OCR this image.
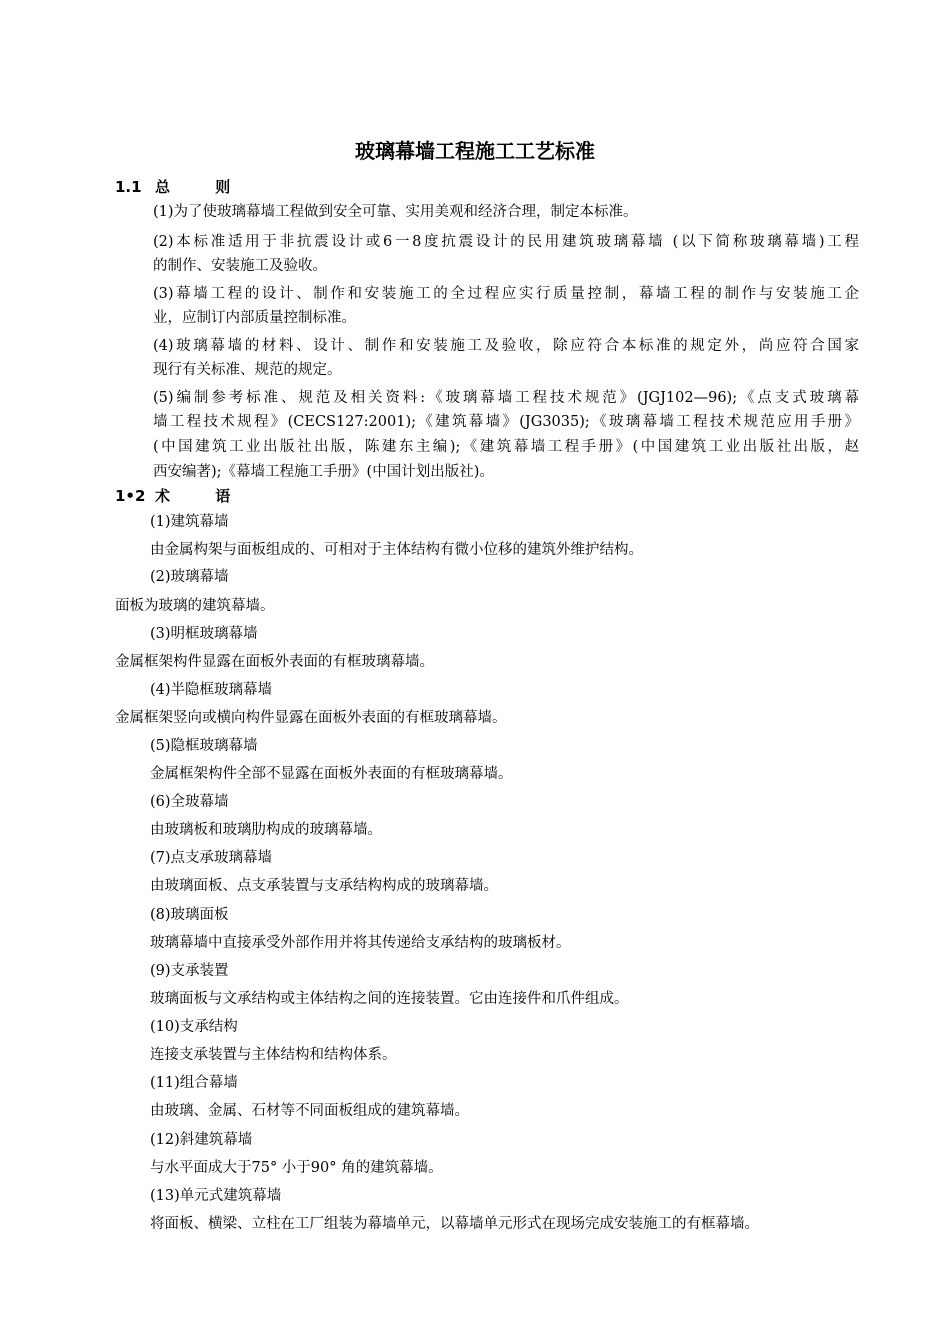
玻璃幕墙工程施工工艺标准
1.1 总 则
(1)为了使玻璃幕墙工程做到安全可靠、实用美观和经济合理，制定本标准。
(2)本标准适用于非抗震设计或6一8度抗震设计的民用建筑玻璃幕墙 (以下简称玻璃幕墙)工程
的制作、安装施工及验收。
(3)幕墙工程的设计、制作和安装施工的全过程应实行质量控制，幕墙工程的制作与安装施工企
业，应制订内部质量控制标准。
(4)玻璃幕墙的材料、设计、制作和安装施工及验收，除应符合本标准的规定外，尚应符合国家
现行有关标准、规范的规定。
(5)编制参考标准、规范及相关资料:《玻璃幕墙工程技术规范》(JGJ102—96);《点支式玻璃幕
墙工程技术规程》(CECS127:2001);《建筑幕墙》(JG3035);《玻璃幕墙工程技术规范应用手册》
(中国建筑工业出版社出版，陈建东主编);《建筑幕墙工程手册》(中国建筑工业出版社出版，赵
西安编著);《幕墙工程施工手册》(中国计划出版社)。
1•2 术 语
(1)建筑幕墙
由金属构架与面板组成的、可相对于主体结构有微小位移的建筑外维护结构。
(2)玻璃幕墙
面板为玻璃的建筑幕墙。
(3)明框玻璃幕墙
金属框架构件显露在面板外表面的有框玻璃幕墙。
(4)半隐框玻璃幕墙
金属框架竖向或横向构件显露在面板外表面的有框玻璃幕墙。
(5)隐框玻璃幕墙
金属框架构件全部不显露在面板外表面的有框玻璃幕墙。
(6)全玻幕墙
由玻璃板和玻璃肋构成的玻璃幕墙。
(7)点支承玻璃幕墙
由玻璃面板、点支承装置与支承结构构成的玻璃幕墙。
(8)玻璃面板
玻璃幕墙中直接承受外部作用并将其传递给支承结构的玻璃板材。
(9)支承装置
玻璃面板与文承结构或主体结构之间的连接装置。它由连接件和爪件组成。
(10)支承结构
连接支承装置与主体结构和结构体系。
(11)组合幕墙
由玻璃、金属、石材等不同面板组成的建筑幕墙。
(12)斜建筑幕墙
与水平面成大于75° 小于90° 角的建筑幕墙。
(13)单元式建筑幕墙
将面板、横梁、立柱在工厂组装为幕墙单元，以幕墙单元形式在现场完成安装施工的有框幕墙。
